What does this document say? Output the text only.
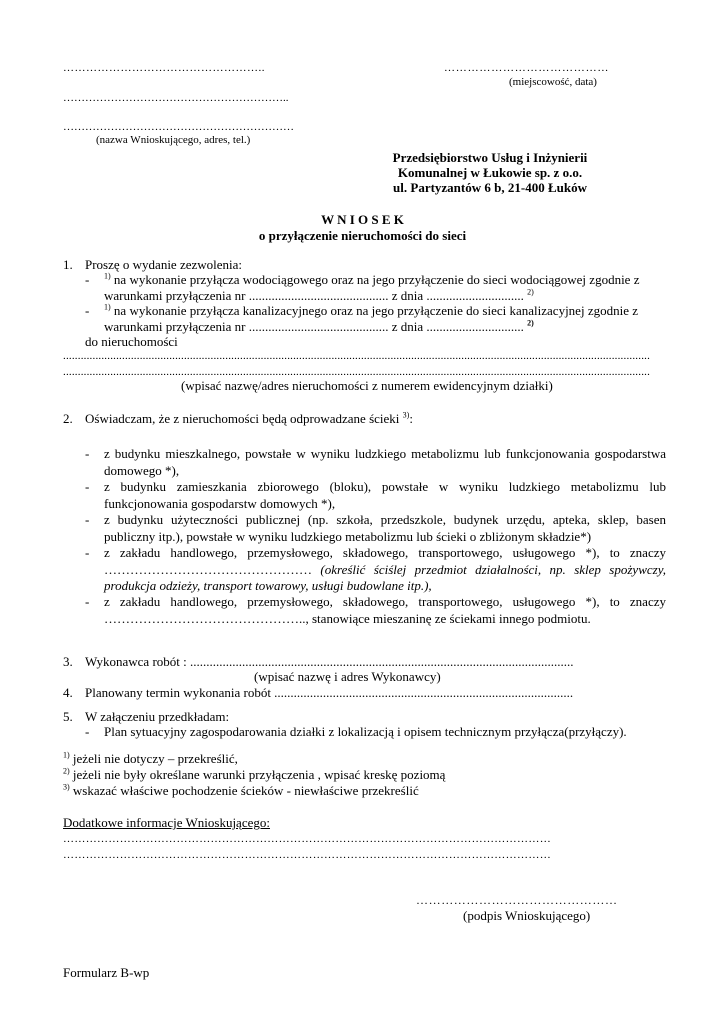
……………………………………………..	……………………………………
(miejscowość, data)
……………………………………………………..
………………………………………………………
(nazwa Wnioskującego, adres, tel.)
Przedsiębiorstwo Usług i Inżynierii
Komunalnej w Łukowie sp. z o.o.
ul. Partyzantów 6 b, 21-400 Łuków
W N I O S E K
o przyłączenie nieruchomości do sieci
1. Proszę o wydanie zezwolenia:
- $^{1)}$ na wykonanie przyłącza wodociągowego oraz na jego przyłączenie do sieci wodociągowej zgodnie z
warunkami przyłączenia nr ........................................... z dnia .............................. $^{2)}$
- $^{1)}$ na wykonanie przyłącza kanalizacyjnego oraz na jego przyłączenie do sieci kanalizacyjnej zgodnie z
warunkami przyłączenia nr ........................................... z dnia .............................. $^{2)}$
do nieruchomości
.......................................................................................................................................................................................................
.......................................................................................................................................................................................................
(wpisać nazwę/adres nieruchomości z numerem ewidencyjnym działki)
2. Oświadczam, że z nieruchomości będą odprowadzane ścieki $^{3)}$:
- z budynku mieszkalnego, powstałe w wyniku ludzkiego metabolizmu lub funkcjonowania gospodarstwa domowego *),
- z budynku zamieszkania zbiorowego (bloku), powstałe w wyniku ludzkiego metabolizmu lub funkcjonowania gospodarstw domowych *),
- z budynku użyteczności publicznej (np. szkoła, przedszkole, budynek urzędu, apteka, sklep, basen publiczny itp.), powstałe w wyniku ludzkiego metabolizmu lub ścieki o zbliżonym składzie*)
- z zakładu handlowego, przemysłowego, składowego, transportowego, usługowego *), to znaczy ………………………………………… (określić ściślej przedmiot działalności, np. sklep spożywczy, produkcja odzieży, transport towarowy, usługi budowlane itp.),
- z zakładu handlowego, przemysłowego, składowego, transportowego, usługowego *), to znaczy ……………………………………….., stanowiące mieszaninę ze ściekami innego podmiotu.
3. Wykonawca robót : ......................................................................................................................
(wpisać nazwę i adres Wykonawcy)
4. Planowany termin wykonania robót ............................................................................................
5. W załączeniu przedkładam:
- Plan sytuacyjny zagospodarowania działki z lokalizacją i opisem technicznym przyłącza(przyłączy).
$^{1)}$ jeżeli nie dotyczy – przekreślić,
$^{2)}$ jeżeli nie były określane warunki przyłączenia , wpisać kreskę poziomą
$^{3)}$ wskazać właściwe pochodzenie ścieków - niewłaściwe przekreślić
Dodatkowe informacje Wnioskującego:
…………………………………………………………………………………………………………………
…………………………………………………………………………………………………………………
…………………………………………
(podpis Wnioskującego)
Formularz B-wp
